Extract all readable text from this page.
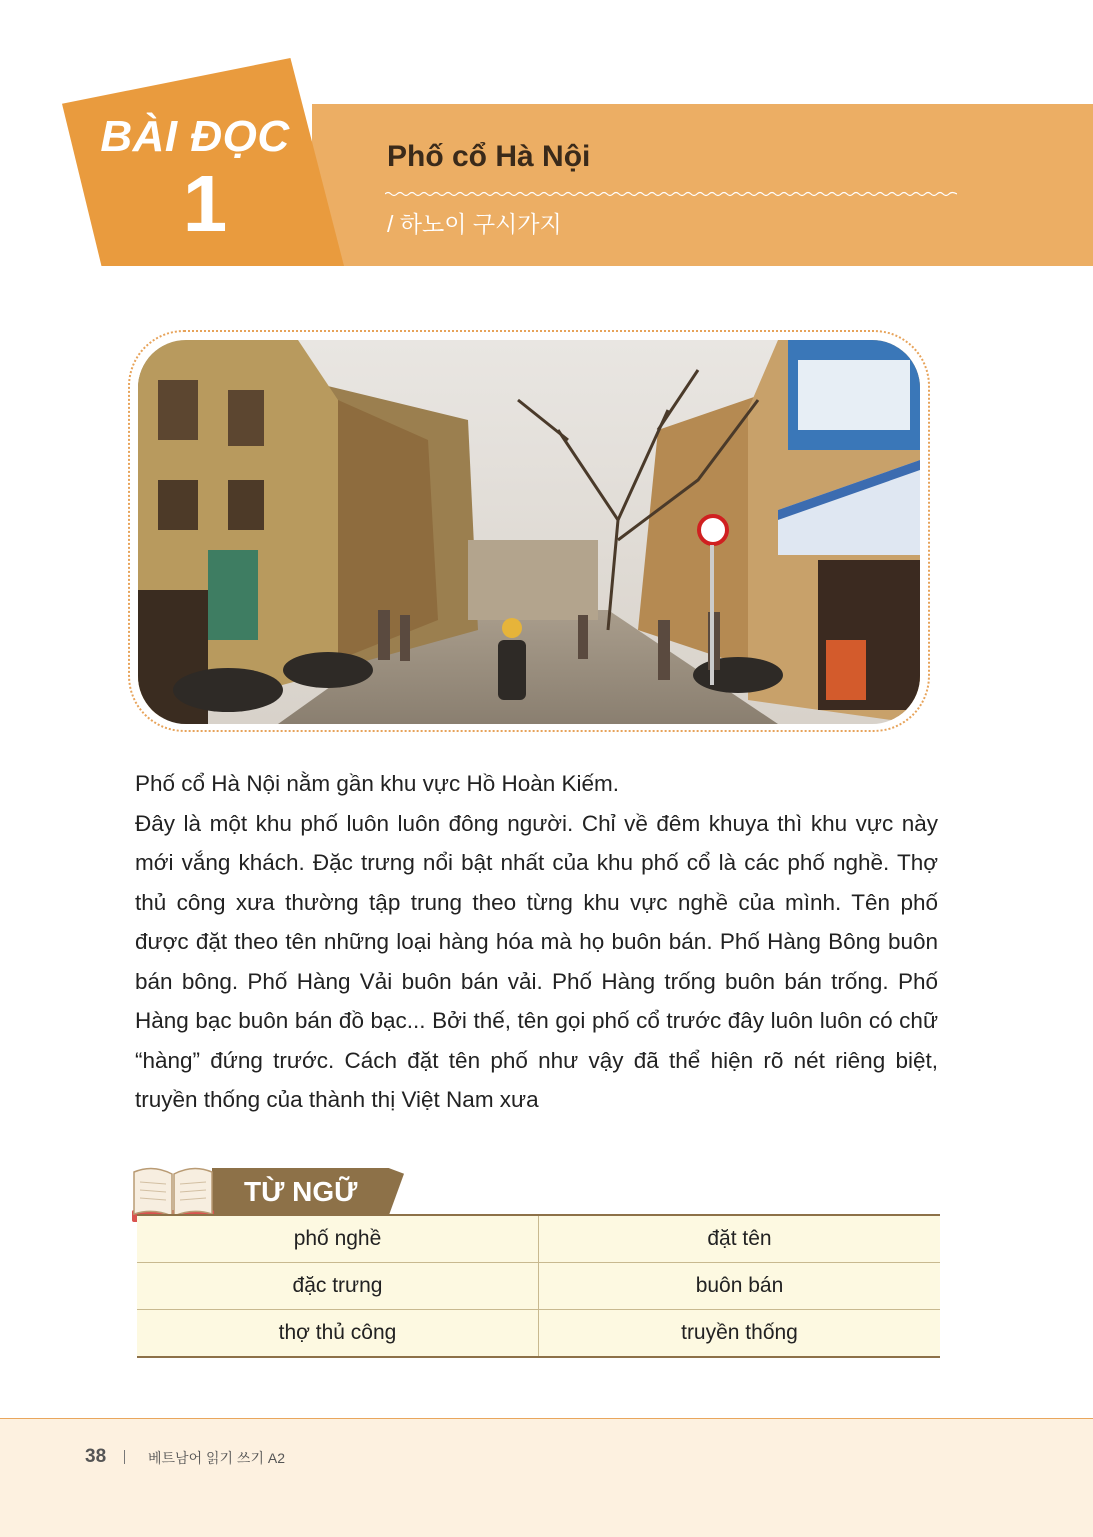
BÀI ĐỌC
1
Phố cổ Hà Nội
/ 하노이 구시가지

Phố cổ Hà Nội nằm gần khu vực Hồ Hoàn Kiếm.

Đây là một khu phố luôn luôn đông người. Chỉ về đêm khuya thì khu vực này mới vắng khách. Đặc trưng nổi bật nhất của khu phố cổ là các phố nghề. Thợ thủ công xưa thường tập trung theo từng khu vực nghề của mình. Tên phố được đặt theo tên những loại hàng hóa mà họ buôn bán. Phố Hàng Bông buôn bán bông. Phố Hàng Vải buôn bán vải. Phố Hàng trống buôn bán trống. Phố Hàng bạc buôn bán đồ bạc... Bởi thế, tên gọi phố cổ trước đây luôn luôn có chữ “hàng” đứng trước. Cách đặt tên phố như vậy đã thể hiện rõ nét riêng biệt, truyền thống của thành thị Việt Nam xưa

TỪ NGỮ
phố nghề	đặt tên
đặc trưng	buôn bán
thợ thủ công	truyền thống
38	베트남어 읽기 쓰기 A2
